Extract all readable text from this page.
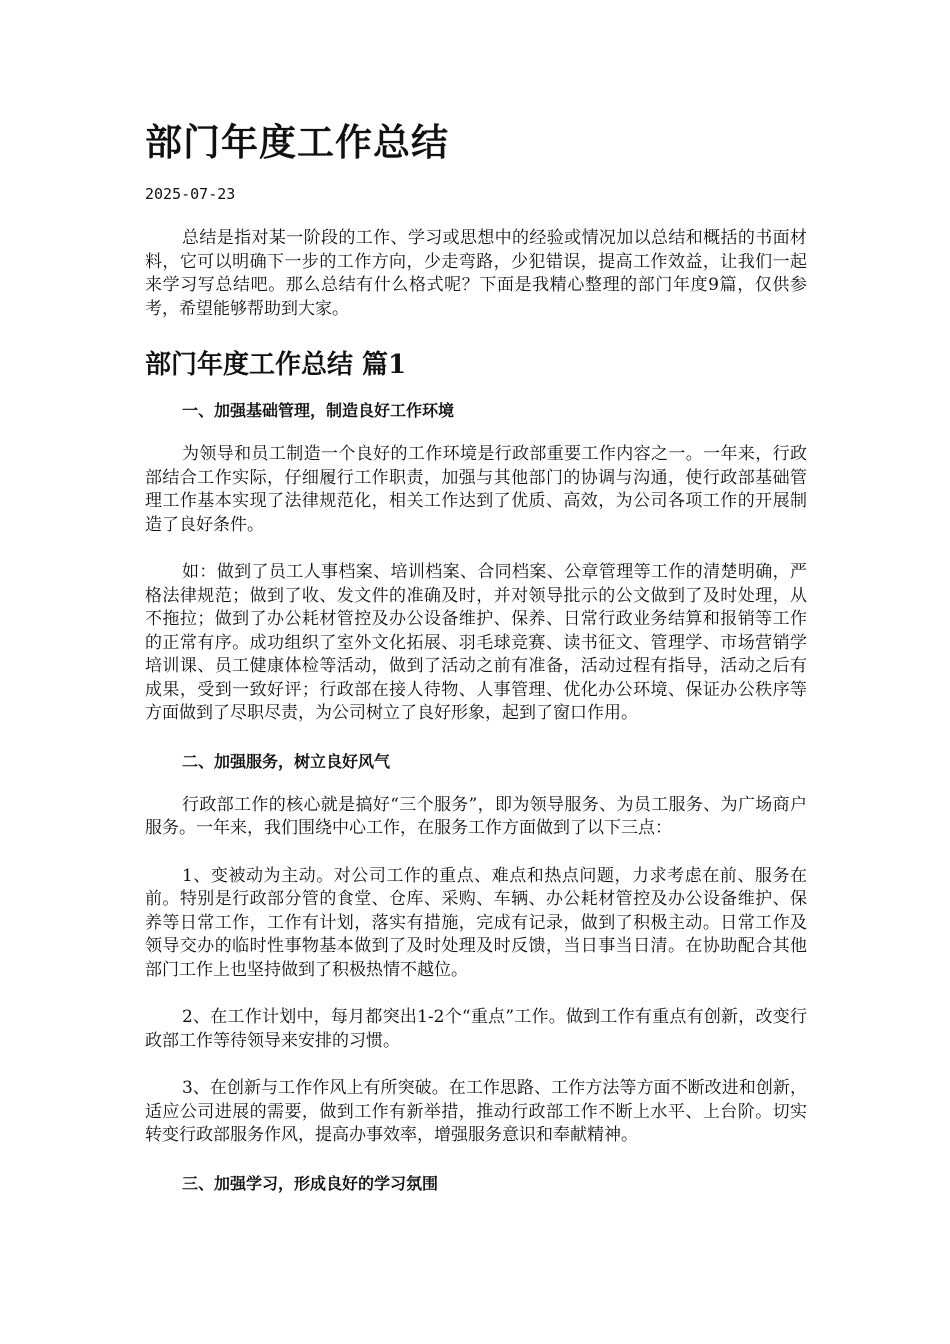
部门年度工作总结
2025-07-23

总结是指对某一阶段的工作、学习或思想中的经验或情况加以总结和概括的书面材料，它可以明确下一步的工作方向，少走弯路，少犯错误，提高工作效益，让我们一起来学习写总结吧。那么总结有什么格式呢？下面是我精心整理的部门年度9篇，仅供参考，希望能够帮助到大家。

部门年度工作总结 篇1
一、加强基础管理，制造良好工作环境

为领导和员工制造一个良好的工作环境是行政部重要工作内容之一。一年来，行政部结合工作实际，仔细履行工作职责，加强与其他部门的协调与沟通，使行政部基础管理工作基本实现了法律规范化，相关工作达到了优质、高效，为公司各项工作的开展制造了良好条件。

如：做到了员工人事档案、培训档案、合同档案、公章管理等工作的清楚明确，严格法律规范；做到了收、发文件的准确及时，并对领导批示的公文做到了及时处理，从不拖拉；做到了办公耗材管控及办公设备维护、保养、日常行政业务结算和报销等工作的正常有序。成功组织了室外文化拓展、羽毛球竞赛、读书征文、管理学、市场营销学培训课、员工健康体检等活动，做到了活动之前有准备，活动过程有指导，活动之后有成果，受到一致好评；行政部在接人待物、人事管理、优化办公环境、保证办公秩序等方面做到了尽职尽责，为公司树立了良好形象，起到了窗口作用。

二、加强服务，树立良好风气

行政部工作的核心就是搞好“三个服务”，即为领导服务、为员工服务、为广场商户服务。一年来，我们围绕中心工作，在服务工作方面做到了以下三点：

1、变被动为主动。对公司工作的重点、难点和热点问题，力求考虑在前、服务在前。特别是行政部分管的食堂、仓库、采购、车辆、办公耗材管控及办公设备维护、保养等日常工作，工作有计划，落实有措施，完成有记录，做到了积极主动。日常工作及领导交办的临时性事物基本做到了及时处理及时反馈，当日事当日清。在协助配合其他部门工作上也坚持做到了积极热情不越位。

2、在工作计划中，每月都突出1-2个“重点”工作。做到工作有重点有创新，改变行政部工作等待领导来安排的习惯。

3、在创新与工作作风上有所突破。在工作思路、工作方法等方面不断改进和创新，适应公司进展的需要，做到工作有新举措，推动行政部工作不断上水平、上台阶。切实转变行政部服务作风，提高办事效率，增强服务意识和奉献精神。

三、加强学习，形成良好的学习氛围
